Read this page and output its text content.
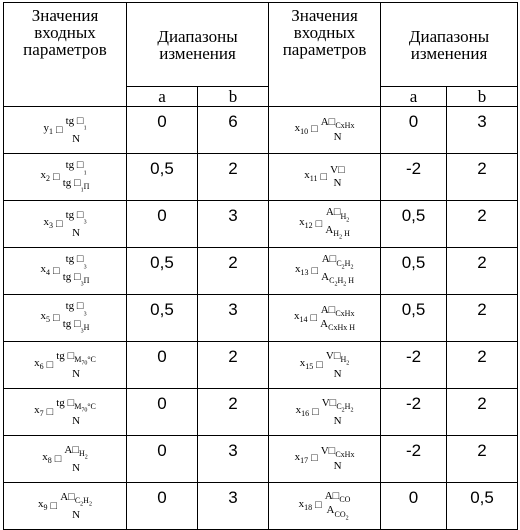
Значения
входных
параметров	Диапазоны
изменения		Значения
входных
параметров	Диапазоны
изменения	
	a	b		a	b

$y_1$ □
tg $□_{_1}$
N	0	6	$x_{10}$ □
$A□_{CxHx}$
N	0	3

$x_2$ □
tg $□_{_1}$
tg $□_{_1П}$	0,5	2	$x_{11}$ □
V□
N	-2	2

$x_3$ □
tg $□_{_3}$
N	0	3	$x_{12}$ □
$A□_{H_2}$
$A_{H_2 H}$	0,5	2

$x_4$ □
tg $□_{_3}$
tg $□_{_3П}$	0,5	2	$x_{13}$ □
$A□_{C_2H_2}$
$A_{C_2H_2 H}$	0,5	2

$x_5$ □
tg $□_{_3}$
tg $□_{_3Н}$	0,5	3	$x_{14}$ □
$A□_{CxHx}$
$A_{CxHx H}$	0,5	2

$x_6$ □
tg $□_{М_{70}^\circ C}$
N	0	2	$x_{15}$ □
$V□_{H_2}$
N	-2	2

$x_7$ □
tg $□_{М_{70}^\circ C}$
N	0	2	$x_{16}$ □
$V□_{C_2H_2}$
N	-2	2

$x_8$ □
$A□_{H_2}$
N	0	3	$x_{17}$ □
$V□_{CxHx}$
N	-2	2

$x_9$ □
$A□_{C_2H_2}$
N	0	3	$x_{18}$ □
$A□_{CO}$
$A_{CO_2}$	0	0,5
